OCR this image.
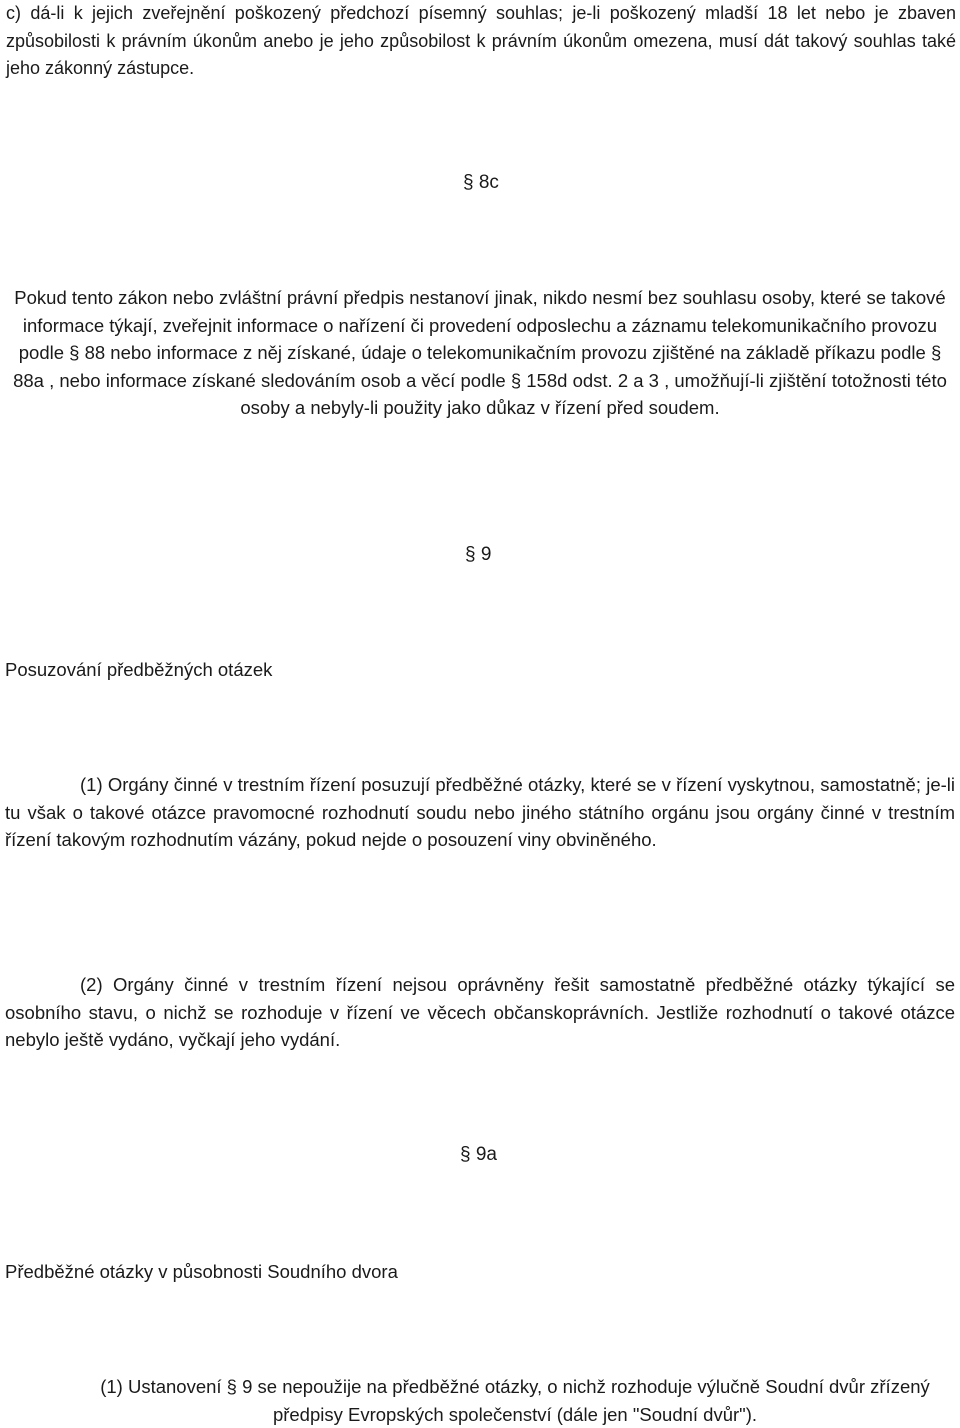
c) dá-li k jejich zveřejnění poškozený předchozí písemný souhlas; je-li poškozený mladší 18 let nebo je zbaven způsobilosti k právním úkonům anebo je jeho způsobilost k právním úkonům omezena, musí dát takový souhlas také jeho zákonný zástupce.

§ 8c

Pokud tento zákon nebo zvláštní právní předpis nestanoví jinak, nikdo nesmí bez souhlasu osoby, které se takové informace týkají, zveřejnit informace o nařízení či provedení odposlechu a záznamu telekomunikačního provozu podle § 88 nebo informace z něj získané, údaje o telekomunikačním provozu zjištěné na základě příkazu podle § 88a , nebo informace získané sledováním osob a věcí podle § 158d odst. 2 a 3 , umožňují-li zjištění totožnosti této osoby a nebyly-li použity jako důkaz v řízení před soudem.

§ 9

Posuzování předběžných otázek

(1) Orgány činné v trestním řízení posuzují předběžné otázky, které se v řízení vyskytnou, samostatně; je-li tu však o takové otázce pravomocné rozhodnutí soudu nebo jiného státního orgánu jsou orgány činné v trestním řízení takovým rozhodnutím vázány, pokud nejde o posouzení viny obviněného.

(2) Orgány činné v trestním řízení nejsou oprávněny řešit samostatně předběžné otázky týkající se osobního stavu, o nichž se rozhoduje v řízení ve věcech občanskoprávních. Jestliže rozhodnutí o takové otázce nebylo ještě vydáno, vyčkají jeho vydání.

§ 9a

Předběžné otázky v působnosti Soudního dvora

(1) Ustanovení § 9 se nepoužije na předběžné otázky, o nichž rozhoduje výlučně Soudní dvůr zřízený předpisy Evropských společenství (dále jen "Soudní dvůr").
